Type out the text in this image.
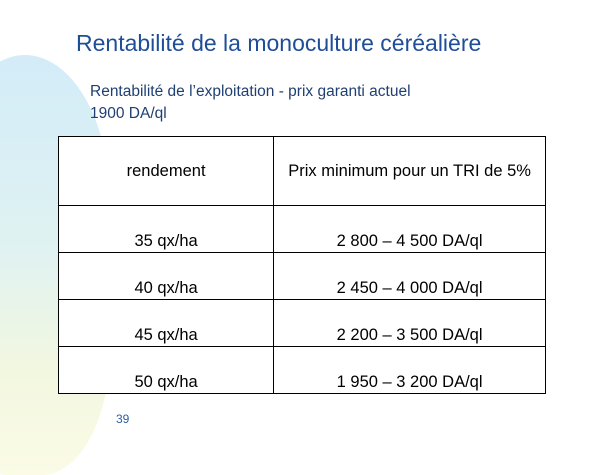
Rentabilité de la monoculture céréalière
Rentabilité de l’exploitation - prix garanti actuel
1900 DA/ql
rendement	Prix minimum pour un TRI de 5%
35 qx/ha	2 800 – 4 500 DA/ql
40 qx/ha	2 450 – 4 000 DA/ql
45 qx/ha	2 200 – 3 500 DA/ql
50 qx/ha	1 950 – 3 200 DA/ql
39
